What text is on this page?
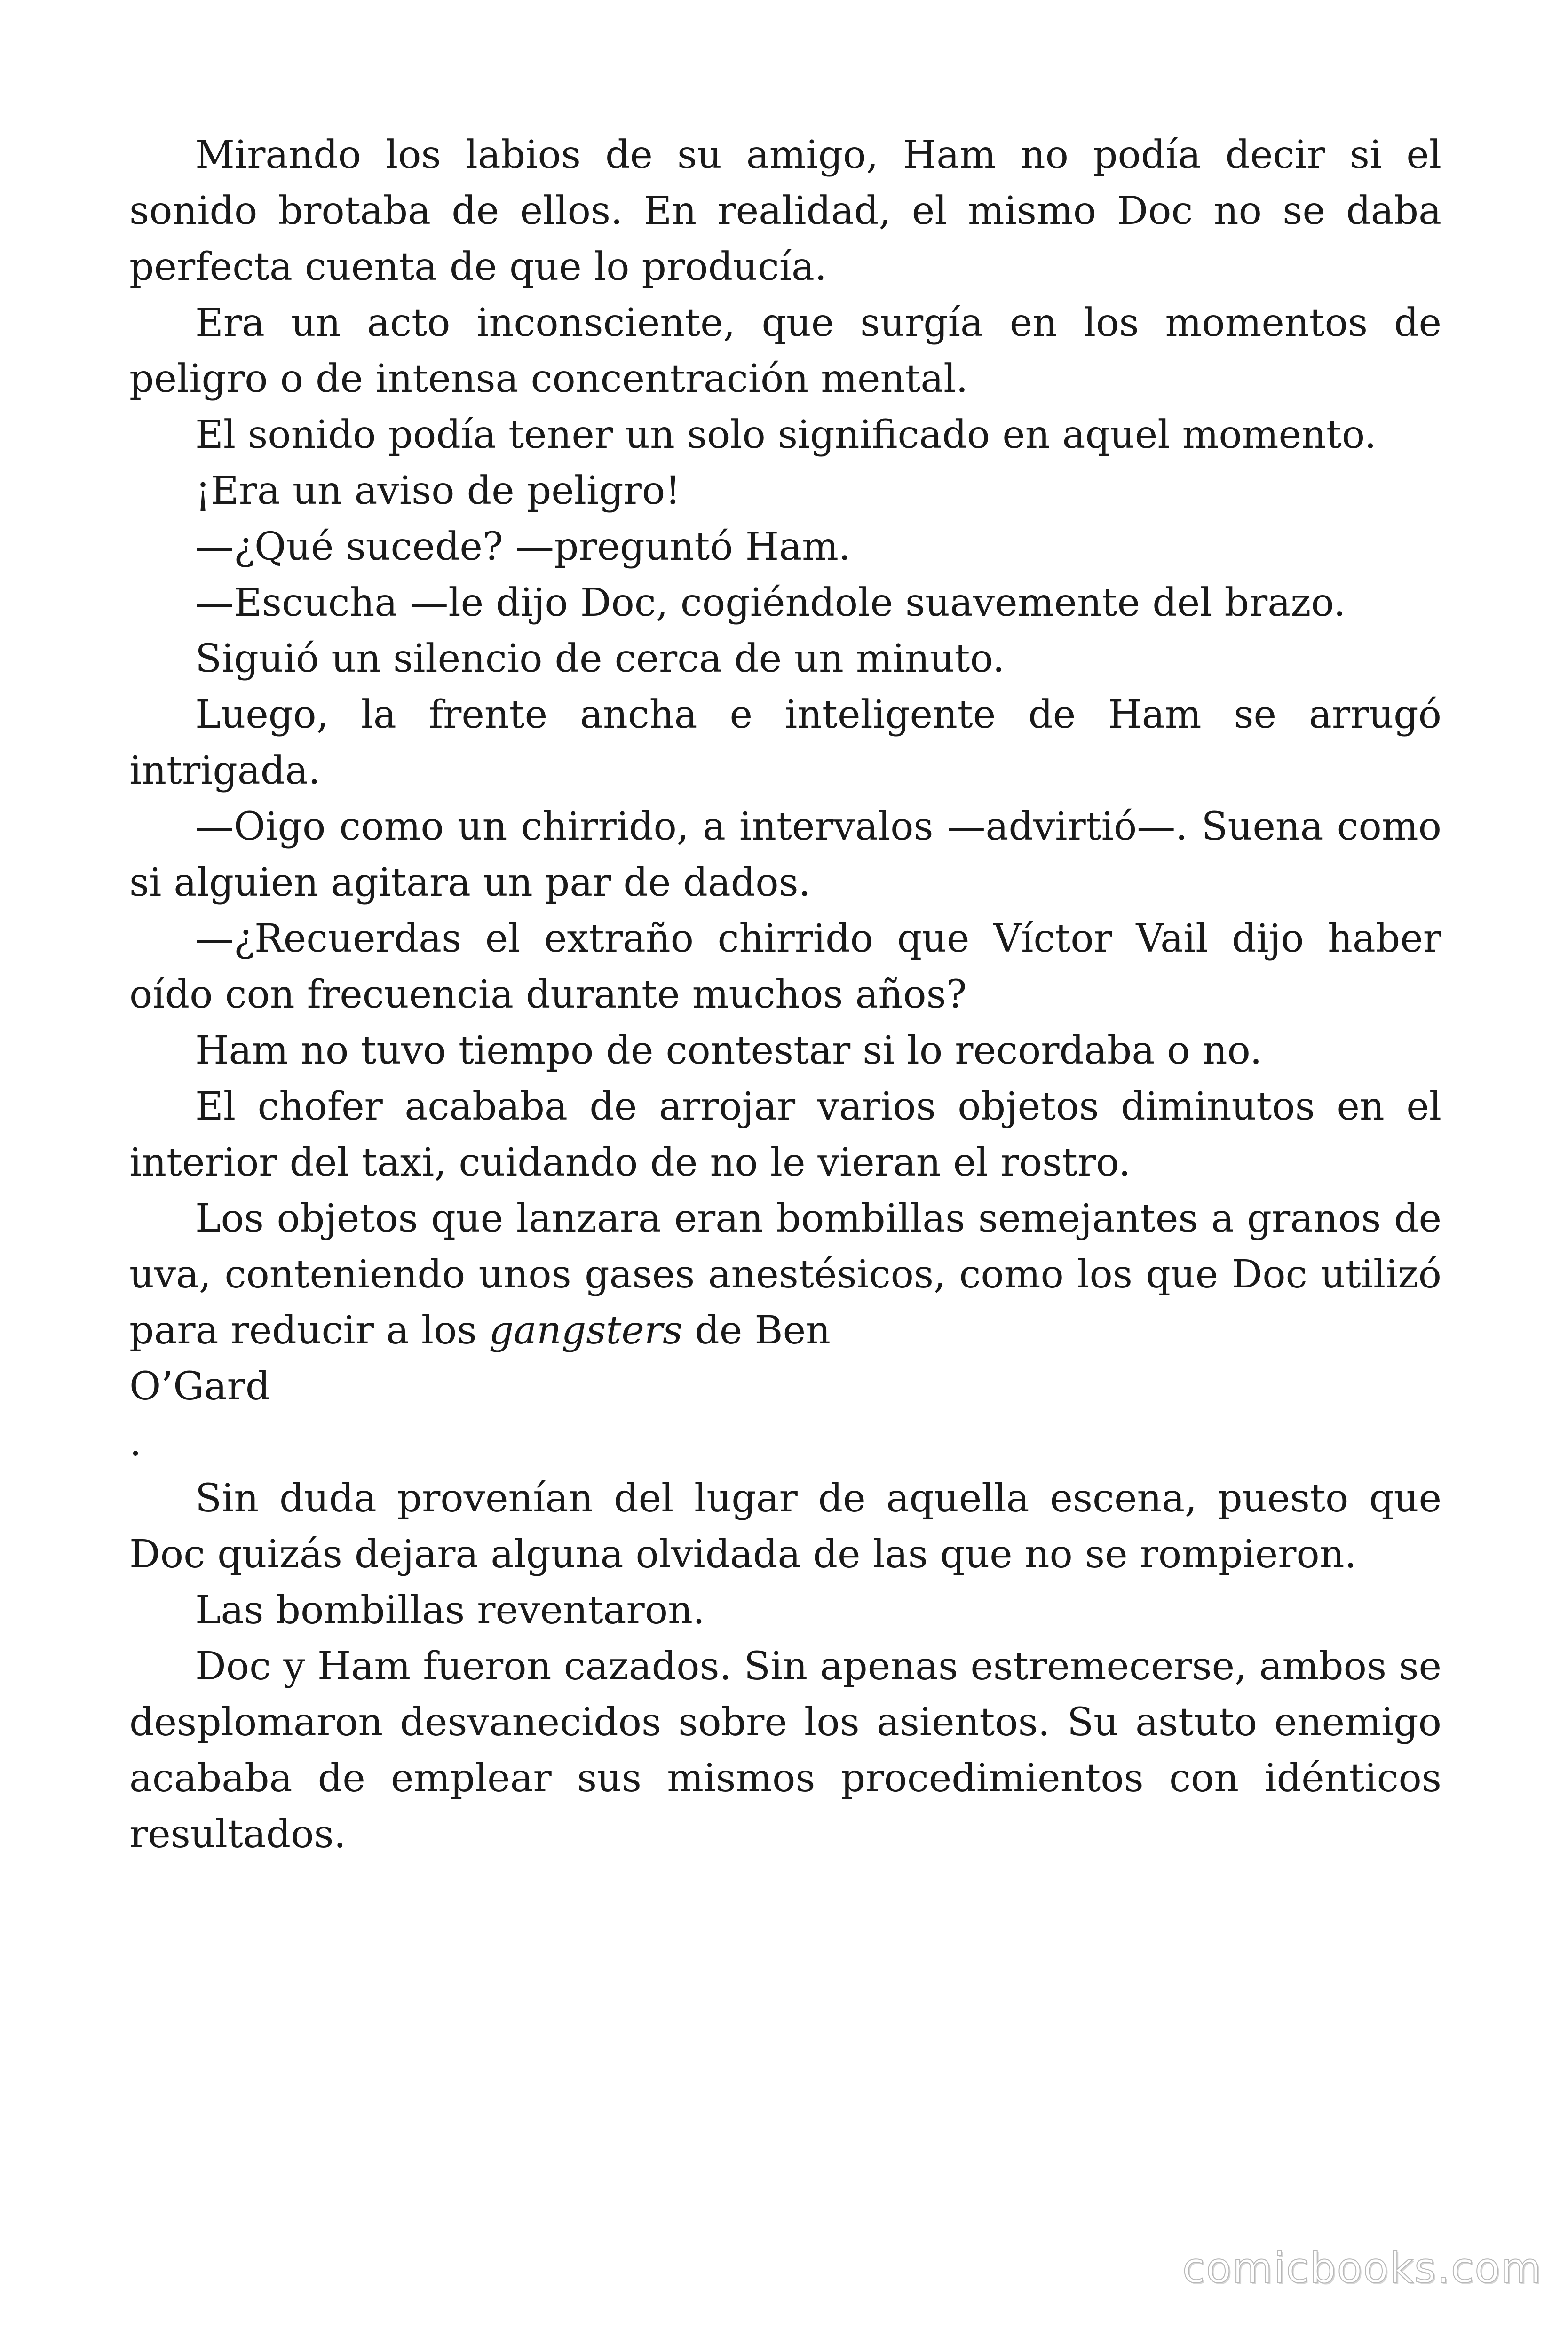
Mirando los labios de su amigo, Ham no podía decir si el sonido brotaba de ellos. En realidad, el mismo Doc no se daba perfecta cuenta de que lo producía.

Era un acto inconsciente, que surgía en los momentos de peligro o de intensa concentración mental.

El sonido podía tener un solo significado en aquel momento.

¡Era un aviso de peligro!

—¿Qué sucede? —preguntó Ham.

—Escucha —le dijo Doc, cogiéndole suavemente del brazo.

Siguió un silencio de cerca de un minuto.

Luego, la frente ancha e inteligente de Ham se arrugó intrigada.

—Oigo como un chirrido, a intervalos —advirtió—. Suena como si alguien agitara un par de dados.

—¿Recuerdas el extraño chirrido que Víctor Vail dijo haber oído con frecuencia durante muchos años?

Ham no tuvo tiempo de contestar si lo recordaba o no.

El chofer acababa de arrojar varios objetos diminutos en el interior del taxi, cuidando de no le vieran el rostro.

Los objetos que lanzara eran bombillas semejantes a granos de uva, conteniendo unos gases anestésicos, como los que Doc utilizó para reducir a los gangsters de Ben

O’Gard

.

Sin duda provenían del lugar de aquella escena, puesto que Doc quizás dejara alguna olvidada de las que no se rompieron.

Las bombillas reventaron.

Doc y Ham fueron cazados. Sin apenas estremecerse, ambos se desplomaron desvanecidos sobre los asientos. Su astuto enemigo acababa de emplear sus mismos procedimientos con idénticos resultados.

comicbooks.com
